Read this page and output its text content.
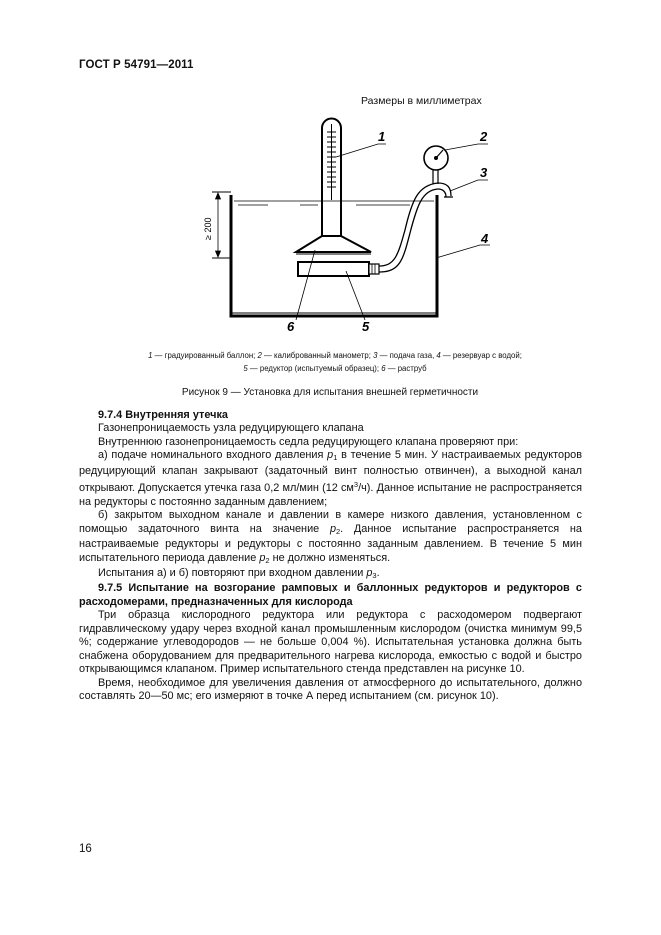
ГОСТ Р 54791—2011
Размеры в миллиметрах
≥ 200
1	2
3
4
5
6
1 — градуированный баллон; 2 — калиброванный манометр; 3 — подача газа, 4 — резервуар с водой;
5 — редуктор (испытуемый образец); 6 — раструб
Рисунок 9 — Установка для испытания внешней герметичности

9.7.4 Внутренняя утечка

Газонепроницаемость узла редуцирующего клапана

Внутреннюю газонепроницаемость седла редуцирующего клапана проверяют при:

а) подаче номинального входного давления $p_1$ в течение 5 мин. У настраиваемых редукторов редуцирующий клапан закрывают (задаточный винт полностью отвинчен), а выходной канал открывают. Допускается утечка газа 0,2 мл/мин (12 $см^3/ч$). Данное испытание не распространяется на редукторы с постоянно заданным давлением;

б) закрытом выходном канале и давлении в камере низкого давления, установленном с помощью задаточного винта на значение $p_2$. Данное испытание распространяется на настраиваемые редукторы и редукторы с постоянно заданным давлением. В течение 5 мин испытательного периода давление $p_2$ не должно изменяться.

Испытания а) и б) повторяют при входном давлении $p_3$.

9.7.5 Испытание на возгорание рамповых и баллонных редукторов и редукторов с расходомерами, предназначенных для кислорода

Три образца кислородного редуктора или редуктора с расходомером подвергают гидравлическому удару через входной канал промышленным кислородом (очистка минимум 99,5 %; содержание углеводородов — не больше 0,004 %). Испытательная установка должна быть снабжена оборудованием для предварительного нагрева кислорода, емкостью с водой и быстро открывающимся клапаном. Пример испытательного стенда представлен на рисунке 10.

Время, необходимое для увеличения давления от атмосферного до испытательного, должно составлять 20—50 мс; его измеряют в точке А перед испытанием (см. рисунок 10).

16
